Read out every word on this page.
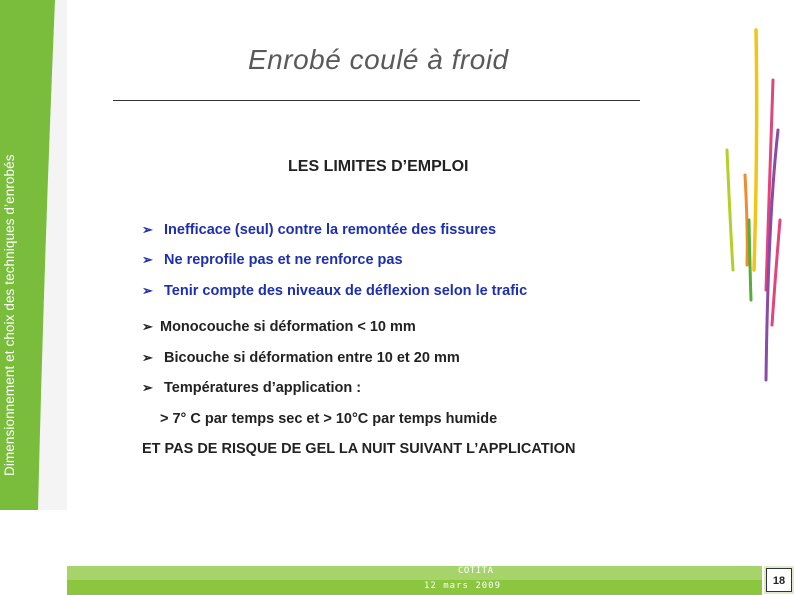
Dimensionnement et choix des techniques d’enrobés
Enrobé coulé à froid
LES LIMITES D’EMPLOI
➢ Inefficace (seul) contre la remontée des fissures
➢ Ne reprofile pas et ne renforce pas
➢ Tenir compte des niveaux de déflexion selon le trafic
➢ Monocouche si déformation < 10 mm
➢ Bicouche si déformation entre 10 et 20 mm
➢ Températures d’application :
> 7° C par temps sec et > 10°C par temps humide
ET PAS DE RISQUE DE GEL LA NUIT SUIVANT L’APPLICATION
COTITA
12 mars 2009	18
